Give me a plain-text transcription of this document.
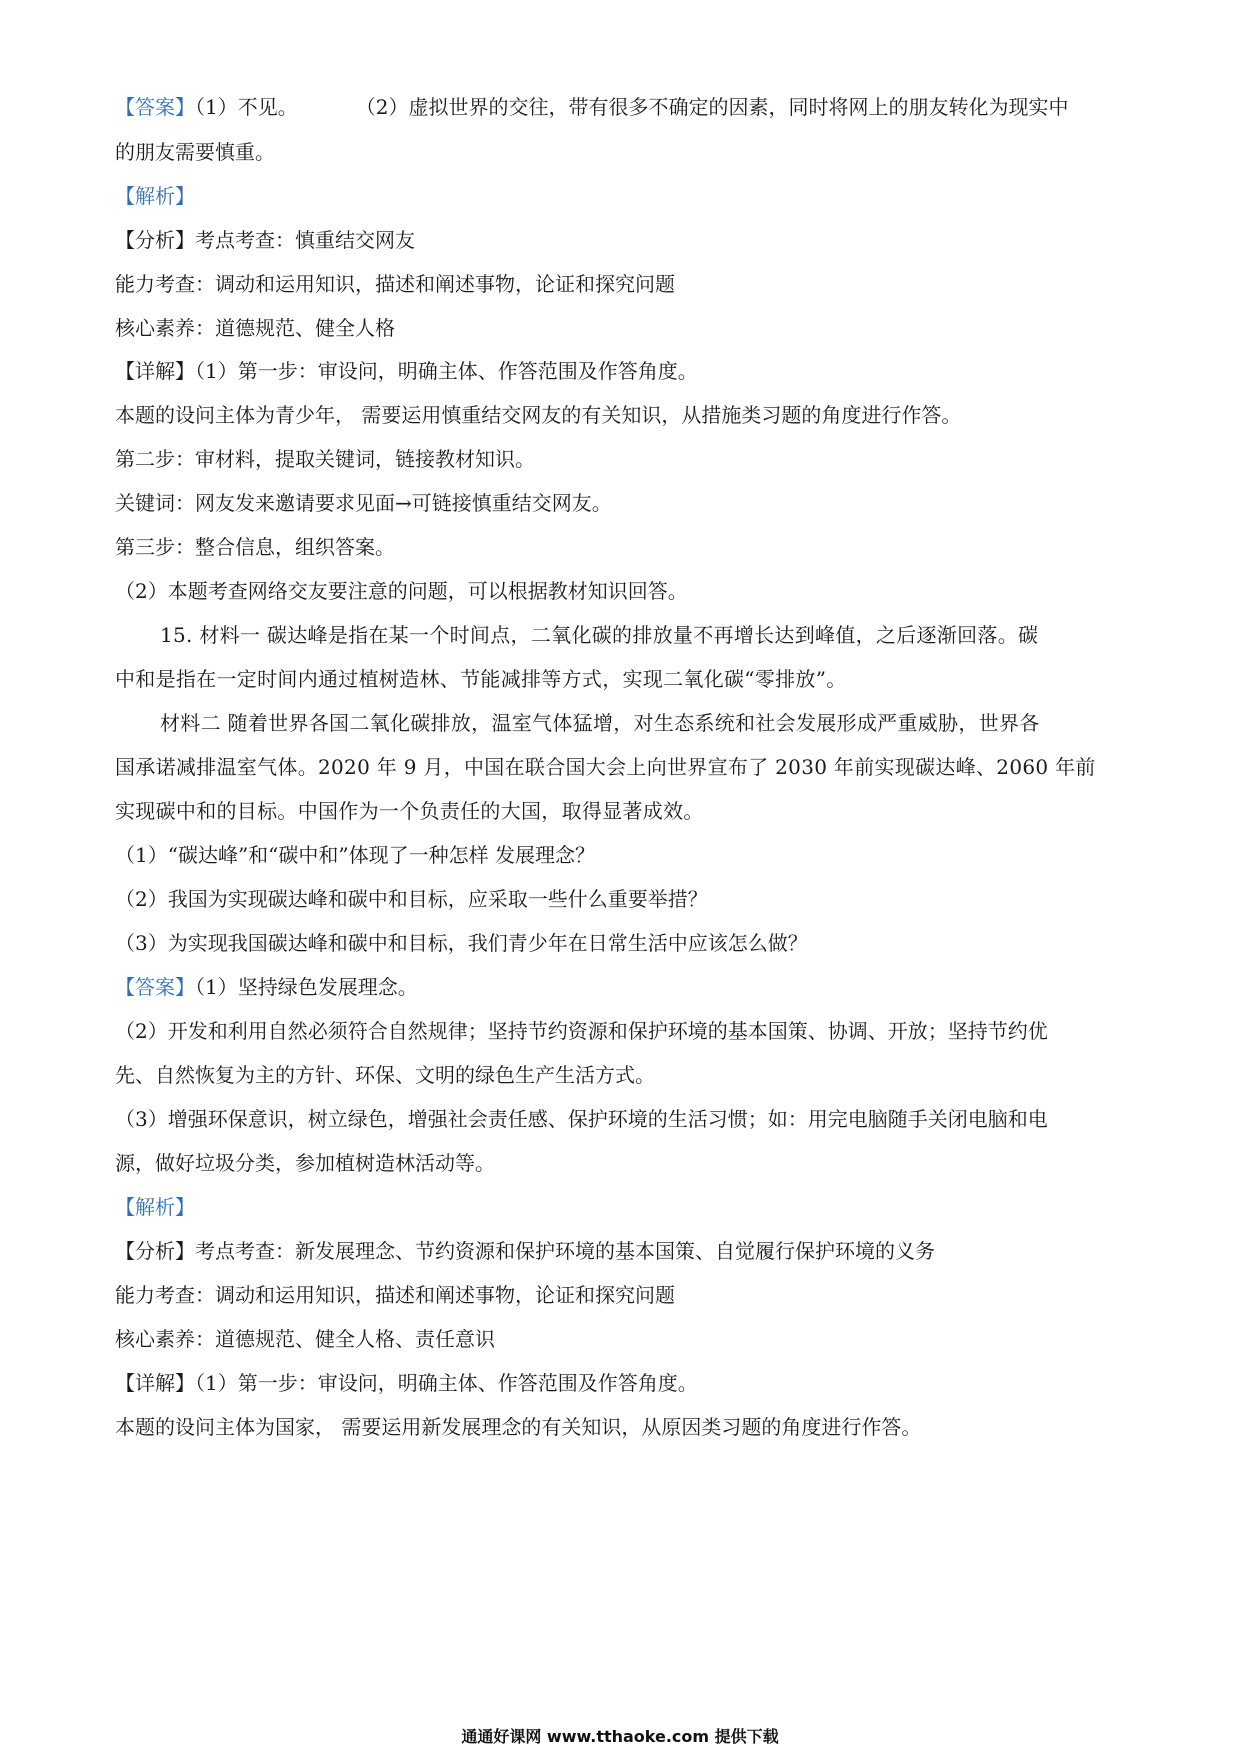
【答案】（1）不见。	（2）虚拟世界的交往，带有很多不确定的因素，同时将网上的朋友转化为现实中
的朋友需要慎重。
【解析】
【分析】考点考查：慎重结交网友
能力考查：调动和运用知识，描述和阐述事物，论证和探究问题
核心素养：道德规范、健全人格
【详解】（1）第一步：审设问，明确主体、作答范围及作答角度。
本题的设问主体为青少年， 需要运用慎重结交网友的有关知识，从措施类习题的角度进行作答。
第二步：审材料，提取关键词，链接教材知识。
关键词：网友发来邀请要求见面→可链接慎重结交网友。
第三步：整合信息，组织答案。
（2）本题考查网络交友要注意的问题，可以根据教材知识回答。
15. 材料一 碳达峰是指在某一个时间点，二氧化碳的排放量不再增长达到峰值，之后逐渐回落。碳
中和是指在一定时间内通过植树造林、节能减排等方式，实现二氧化碳“零排放”。
材料二 随着世界各国二氧化碳排放，温室气体猛增，对生态系统和社会发展形成严重威胁，世界各
国承诺减排温室气体。2020 年 9 月，中国在联合国大会上向世界宣布了 2030 年前实现碳达峰、2060 年前
实现碳中和的目标。中国作为一个负责任的大国，取得显著成效。
（1）“碳达峰”和“碳中和”体现了一种怎样 发展理念？
（2）我国为实现碳达峰和碳中和目标，应采取一些什么重要举措？
（3）为实现我国碳达峰和碳中和目标，我们青少年在日常生活中应该怎么做？
【答案】（1）坚持绿色发展理念。
（2）开发和利用自然必须符合自然规律；坚持节约资源和保护环境的基本国策、协调、开放；坚持节约优
先、自然恢复为主的方针、环保、文明的绿色生产生活方式。
（3）增强环保意识，树立绿色，增强社会责任感、保护环境的生活习惯；如：用完电脑随手关闭电脑和电
源，做好垃圾分类，参加植树造林活动等。
【解析】
【分析】考点考查：新发展理念、节约资源和保护环境的基本国策、自觉履行保护环境的义务
能力考查：调动和运用知识，描述和阐述事物，论证和探究问题
核心素养：道德规范、健全人格、责任意识
【详解】（1）第一步：审设问，明确主体、作答范围及作答角度。
本题的设问主体为国家， 需要运用新发展理念的有关知识，从原因类习题的角度进行作答。
通通好课网 www.tthaoke.com 提供下载
